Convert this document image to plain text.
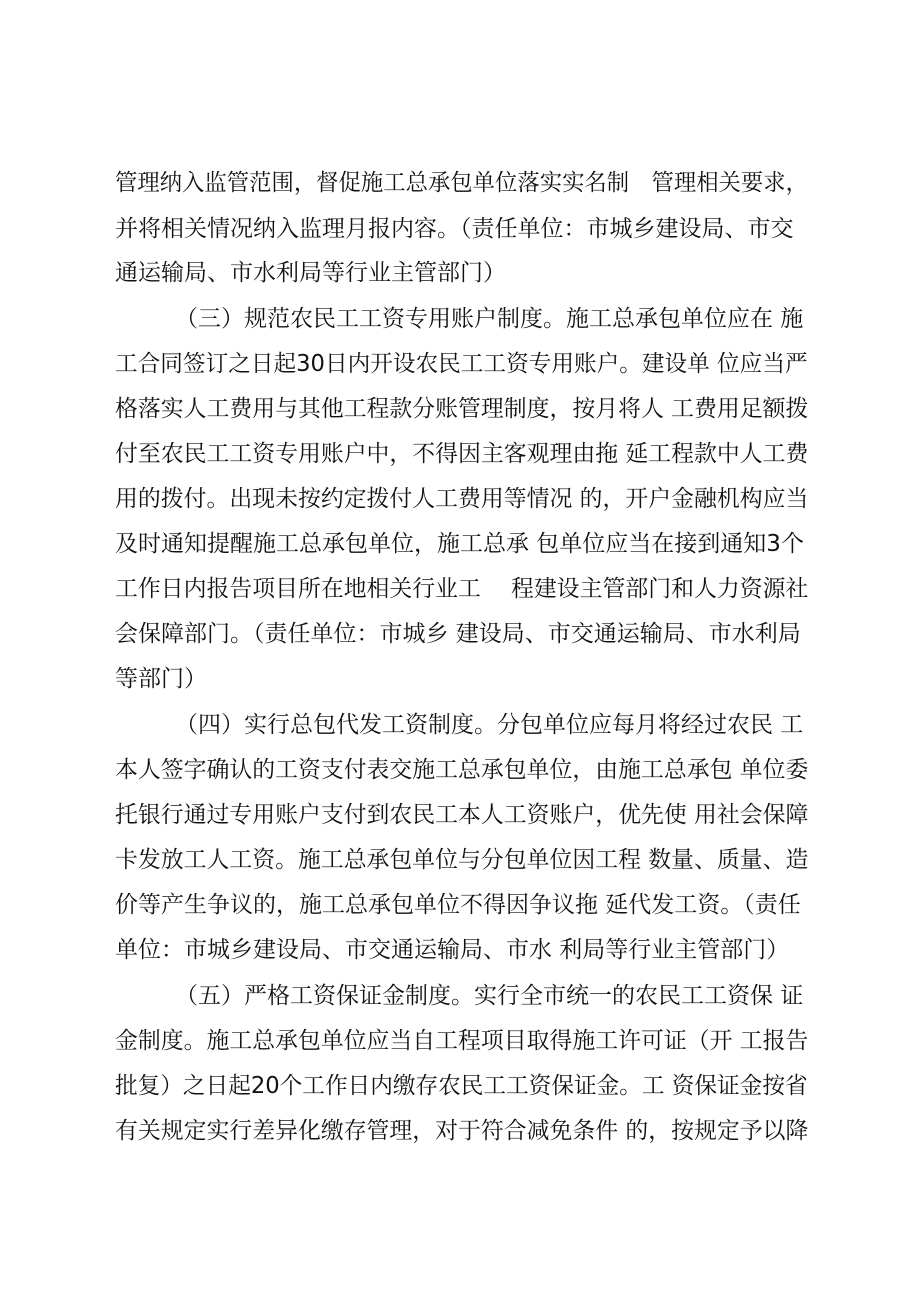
管理纳入监管范围，督促施工总承包单位落实实名制　管理相关要求，
并将相关情况纳入监理月报内容。（责任单位：市城乡建设局、市交
通运输局、市水利局等行业主管部门）
（三）规范农民工工资专用账户制度。施工总承包单位应在 施
工合同签订之日起30日内开设农民工工资专用账户。建设单 位应当严
格落实人工费用与其他工程款分账管理制度，按月将人 工费用足额拨
付至农民工工资专用账户中，不得因主客观理由拖 延工程款中人工费
用的拨付。出现未按约定拨付人工费用等情况 的，开户金融机构应当
及时通知提醒施工总承包单位，施工总承 包单位应当在接到通知3个
工作日内报告项目所在地相关行业工　 程建设主管部门和人力资源社
会保障部门。（责任单位：市城乡 建设局、市交通运输局、市水利局
等部门）
（四）实行总包代发工资制度。分包单位应每月将经过农民 工
本人签字确认的工资支付表交施工总承包单位，由施工总承包 单位委
托银行通过专用账户支付到农民工本人工资账户，优先使 用社会保障
卡发放工人工资。施工总承包单位与分包单位因工程 数量、质量、造
价等产生争议的，施工总承包单位不得因争议拖 延代发工资。（责任
单位：市城乡建设局、市交通运输局、市水 利局等行业主管部门）
（五）严格工资保证金制度。实行全市统一的农民工工资保 证
金制度。施工总承包单位应当自工程项目取得施工许可证（开 工报告
批复）之日起20个工作日内缴存农民工工资保证金。工 资保证金按省
有关规定实行差异化缴存管理，对于符合减免条件 的，按规定予以降
